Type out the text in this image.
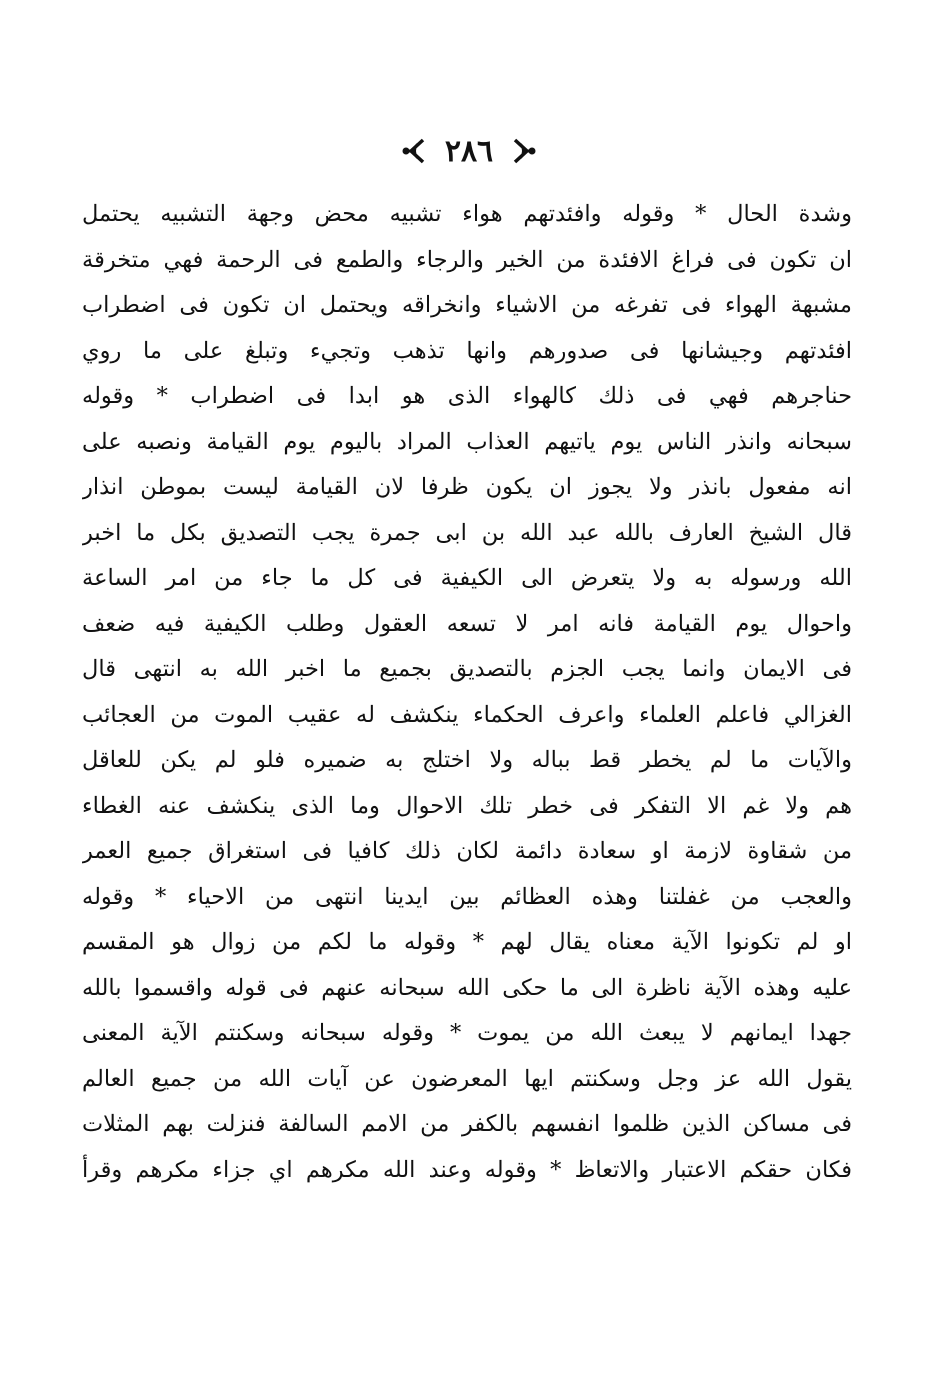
٢٨٦
وشدة الحال * وقوله وافئدتهم هواء تشبيه محض وجهة التشبيه يحتمل
ان تكون فى فراغ الافئدة من الخير والرجاء والطمع فى الرحمة فهي متخرقة
مشبهة الهواء فى تفرغه من الاشياء وانخراقه ويحتمل ان تكون فى اضطراب
افئدتهم وجيشانها فى صدورهم وانها تذهب وتجيء وتبلغ على ما روي
حناجرهم فهي فى ذلك كالهواء الذى هو ابدا فى اضطراب * وقوله
سبحانه وانذر الناس يوم ياتيهم العذاب المراد باليوم يوم القيامة ونصبه على
انه مفعول بانذر ولا يجوز ان يكون ظرفا لان القيامة ليست بموطن انذار
قال الشيخ العارف بالله عبد الله بن ابى جمرة يجب التصديق بكل ما اخبر
الله ورسوله به ولا يتعرض الى الكيفية فى كل ما جاء من امر الساعة
واحوال يوم القيامة فانه امر لا تسعه العقول وطلب الكيفية فيه ضعف
فى الايمان وانما يجب الجزم بالتصديق بجميع ما اخبر الله به انتهى قال
الغزالي فاعلم العلماء واعرف الحكماء ينكشف له عقيب الموت من العجائب
والآيات ما لم يخطر قط بباله ولا اختلج به ضميره فلو لم يكن للعاقل
هم ولا غم الا التفكر فى خطر تلك الاحوال وما الذى ينكشف عنه الغطاء
من شقاوة لازمة او سعادة دائمة لكان ذلك كافيا فى استغراق جميع العمر
والعجب من غفلتنا وهذه العظائم بين ايدينا انتهى من الاحياء * وقوله
او لم تكونوا الآية معناه يقال لهم * وقوله ما لكم من زوال هو المقسم
عليه وهذه الآية ناظرة الى ما حكى الله سبحانه عنهم فى قوله واقسموا بالله
جهدا ايمانهم لا يبعث الله من يموت * وقوله سبحانه وسكنتم الآية المعنى
يقول الله عز وجل وسكنتم ايها المعرضون عن آيات الله من جميع العالم
فى مساكن الذين ظلموا انفسهم بالكفر من الامم السالفة فنزلت بهم المثلات
فكان حقكم الاعتبار والاتعاظ * وقوله وعند الله مكرهم اي جزاء مكرهم وقرأ
